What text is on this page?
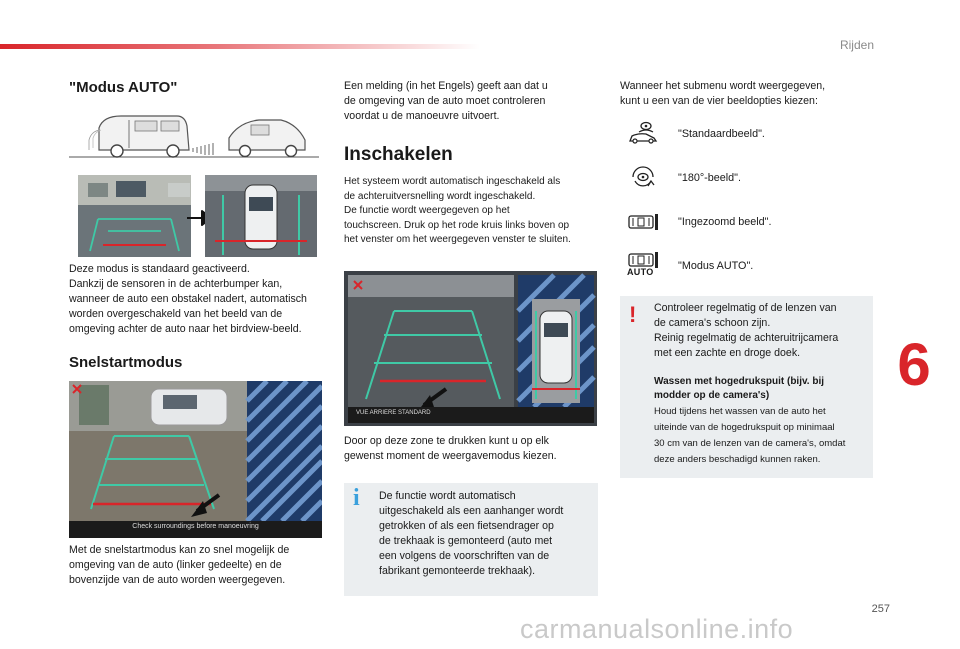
Rijden
6
"Modus AUTO"

Deze modus is standaard geactiveerd.
Dankzij de sensoren in de achterbumper kan,
wanneer de auto een obstakel nadert, automatisch
worden overgeschakeld van het beeld van de
omgeving achter de auto naar het birdview-beeld.

Snelstartmodus
Check surroundings before manoeuvring

Met de snelstartmodus kan zo snel mogelijk de
omgeving van de auto (linker gedeelte) en de
bovenzijde van de auto worden weergegeven.

Een melding (in het Engels) geeft aan dat u
de omgeving van de auto moet controleren
voordat u de manoeuvre uitvoert.

Inschakelen

Het systeem wordt automatisch ingeschakeld als
de achteruitversnelling wordt ingeschakeld.
De functie wordt weergegeven op het
touchscreen. Druk op het rode kruis links boven op
het venster om het weergegeven venster te sluiten.

VUE ARRIERE STANDARD

Door op deze zone te drukken kunt u op elk
gewenst moment de weergavemodus kiezen.

i De functie wordt automatisch
uitgeschakeld als een aanhanger wordt
getrokken of als een fietsendrager op
de trekhaak is gemonteerd (auto met
een volgens de voorschriften van de
fabrikant gemonteerde trekhaak).

Wanneer het submenu wordt weergegeven,
kunt u een van de vier beeldopties kiezen:

"Standaardbeeld".

"180°-beeld".

"Ingezoomd beeld".

AUTO "Modus AUTO".

! Controleer regelmatig of de lenzen van
de camera's schoon zijn.
Reinig regelmatig de achteruitrijcamera
met een zachte en droge doek.

Wassen met hogedrukspuit (bijv. bij
modder op de camera's)

Houd tijdens het wassen van de auto het
uiteinde van de hogedrukspuit op minimaal
30 cm van de lenzen van de camera's, omdat
deze anders beschadigd kunnen raken.

257
carmanualsonline.info
